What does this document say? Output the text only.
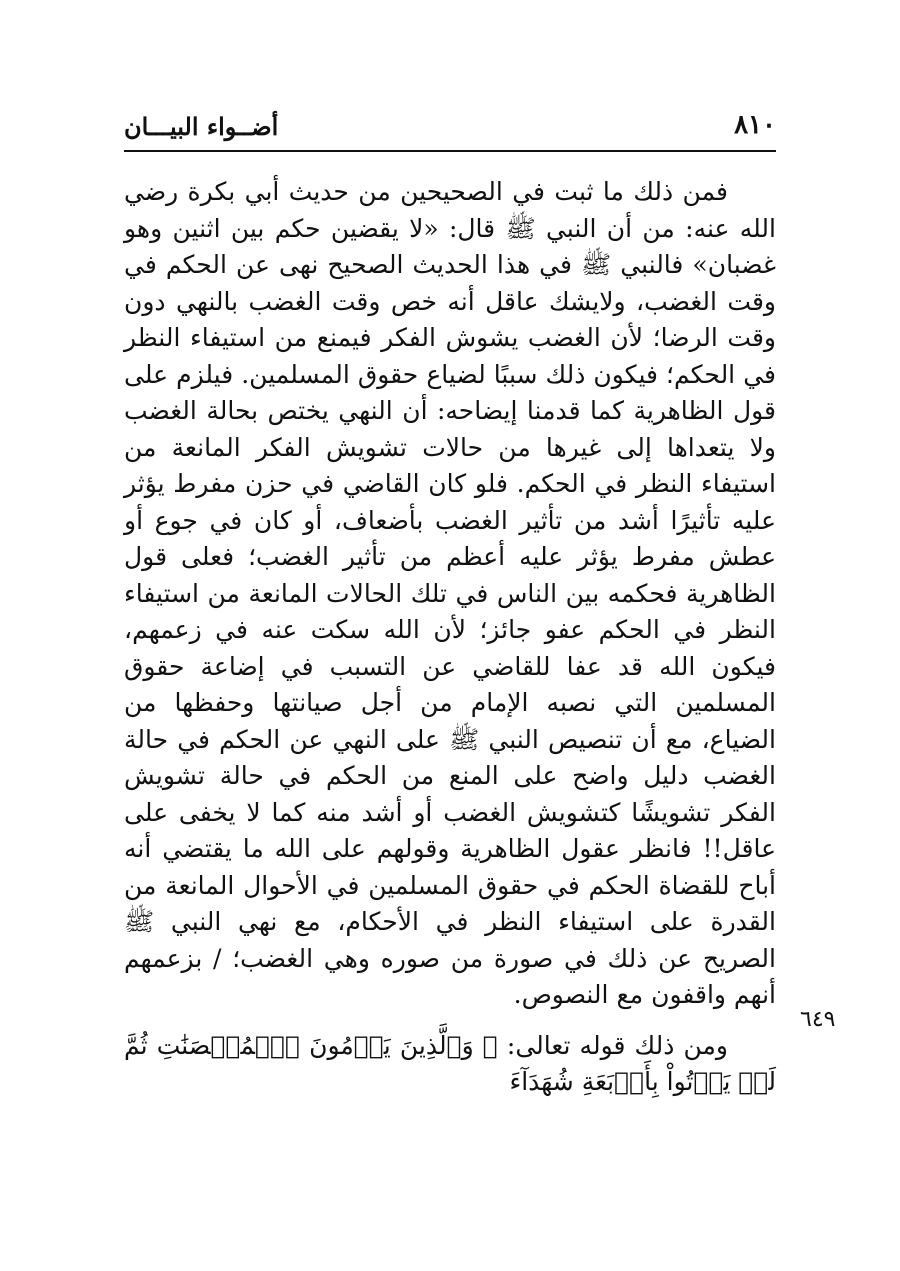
٨١٠
أضــواء البيـــان

فمن ذلك ما ثبت في الصحيحين من حديث أبي بكرة رضي الله عنه: من أن النبي ﷺ قال: «لا يقضين حكم بين اثنين وهو غضبان» فالنبي ﷺ في هذا الحديث الصحيح نهى عن الحكم في وقت الغضب، ولايشك عاقل أنه خص وقت الغضب بالنهي دون وقت الرضا؛ لأن الغضب يشوش الفكر فيمنع من استيفاء النظر في الحكم؛ فيكون ذلك سببًا لضياع حقوق المسلمين. فيلزم على قول الظاهرية كما قدمنا إيضاحه: أن النهي يختص بحالة الغضب ولا يتعداها إلى غيرها من حالات تشويش الفكر المانعة من استيفاء النظر في الحكم. فلو كان القاضي في حزن مفرط يؤثر عليه تأثيرًا أشد من تأثير الغضب بأضعاف، أو كان في جوع أو عطش مفرط يؤثر عليه أعظم من تأثير الغضب؛ فعلى قول الظاهرية فحكمه بين الناس في تلك الحالات المانعة من استيفاء النظر في الحكم عفو جائز؛ لأن الله سكت عنه في زعمهم، فيكون الله قد عفا للقاضي عن التسبب في إضاعة حقوق المسلمين التي نصبه الإمام من أجل صيانتها وحفظها من الضياع، مع أن تنصيص النبي ﷺ على النهي عن الحكم في حالة الغضب دليل واضح على المنع من الحكم في حالة تشويش الفكر تشويشًا كتشويش الغضب أو أشد منه كما لا يخفى على عاقل!! فانظر عقول الظاهرية وقولهم على الله ما يقتضي أنه أباح للقضاة الحكم في حقوق المسلمين في الأحوال المانعة من القدرة على استيفاء النظر في الأحكام، مع نهي النبي ﷺ الصريح عن ذلك في صورة من صوره وهي الغضب؛ / بزعمهم أنهم واقفون مع النصوص.

ومن ذلك قوله تعالى: ﴿ وَٱلَّذِينَ يَرۡمُونَ ٱلۡمُحۡصَنَٰتِ ثُمَّ لَمۡ يَأۡتُواْ بِأَرۡبَعَةِ شُهَدَآءَ

٦٤٩
